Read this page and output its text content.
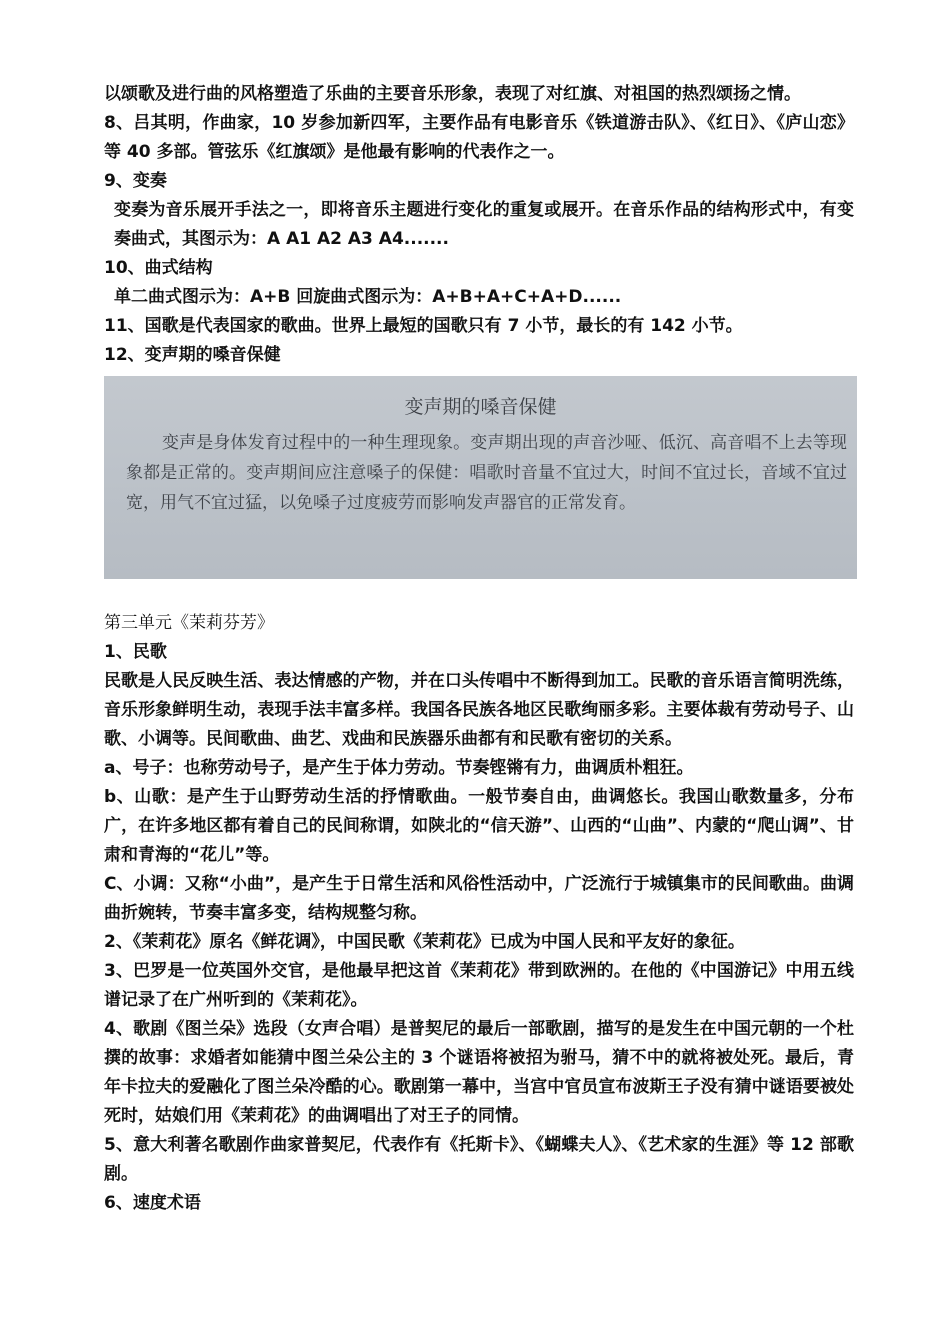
以颂歌及进行曲的风格塑造了乐曲的主要音乐形象，表现了对红旗、对祖国的热烈颂扬之情。

8、吕其明，作曲家，10 岁参加新四军，主要作品有电影音乐《铁道游击队》、《红日》、《庐山恋》等 40 多部。管弦乐《红旗颂》是他最有影响的代表作之一。

9、变奏

变奏为音乐展开手法之一，即将音乐主题进行变化的重复或展开。在音乐作品的结构形式中，有变奏曲式，其图示为：A A1 A2 A3 A4.......

10、曲式结构

单二曲式图示为：A+B 回旋曲式图示为：A+B+A+C+A+D......

11、国歌是代表国家的歌曲。世界上最短的国歌只有 7 小节，最长的有 142 小节。

12、变声期的嗓音保健

变声期的嗓音保健
变声是身体发育过程中的一种生理现象。变声期出现的声音沙哑、低沉、高音唱不上去等现象都是正常的。变声期间应注意嗓子的保健：唱歌时音量不宜过大，时间不宜过长，音域不宜过宽，用气不宜过猛，以免嗓子过度疲劳而影响发声器官的正常发育。

第三单元《茉莉芬芳》

1、民歌

民歌是人民反映生活、表达情感的产物，并在口头传唱中不断得到加工。民歌的音乐语言简明洗练，音乐形象鲜明生动，表现手法丰富多样。我国各民族各地区民歌绚丽多彩。主要体裁有劳动号子、山歌、小调等。民间歌曲、曲艺、戏曲和民族器乐曲都有和民歌有密切的关系。

a、号子：也称劳动号子，是产生于体力劳动。节奏铿锵有力，曲调质朴粗狂。

b、山歌：是产生于山野劳动生活的抒情歌曲。一般节奏自由，曲调悠长。我国山歌数量多，分布广，在许多地区都有着自己的民间称谓，如陕北的“信天游”、山西的“山曲”、内蒙的“爬山调”、甘肃和青海的“花儿”等。

C、小调：又称“小曲”，是产生于日常生活和风俗性活动中，广泛流行于城镇集市的民间歌曲。曲调曲折婉转，节奏丰富多变，结构规整匀称。

2、《茉莉花》原名《鲜花调》，中国民歌《茉莉花》已成为中国人民和平友好的象征。

3、巴罗是一位英国外交官，是他最早把这首《茉莉花》带到欧洲的。在他的《中国游记》中用五线谱记录了在广州听到的《茉莉花》。

4、歌剧《图兰朵》选段（女声合唱）是普契尼的最后一部歌剧，描写的是发生在中国元朝的一个杜撰的故事：求婚者如能猜中图兰朵公主的 3 个谜语将被招为驸马，猜不中的就将被处死。最后，青年卡拉夫的爱融化了图兰朵冷酷的心。歌剧第一幕中，当宫中官员宣布波斯王子没有猜中谜语要被处死时，姑娘们用《茉莉花》的曲调唱出了对王子的同情。

5、意大利著名歌剧作曲家普契尼，代表作有《托斯卡》、《蝴蝶夫人》、《艺术家的生涯》等 12 部歌剧。

6、速度术语
